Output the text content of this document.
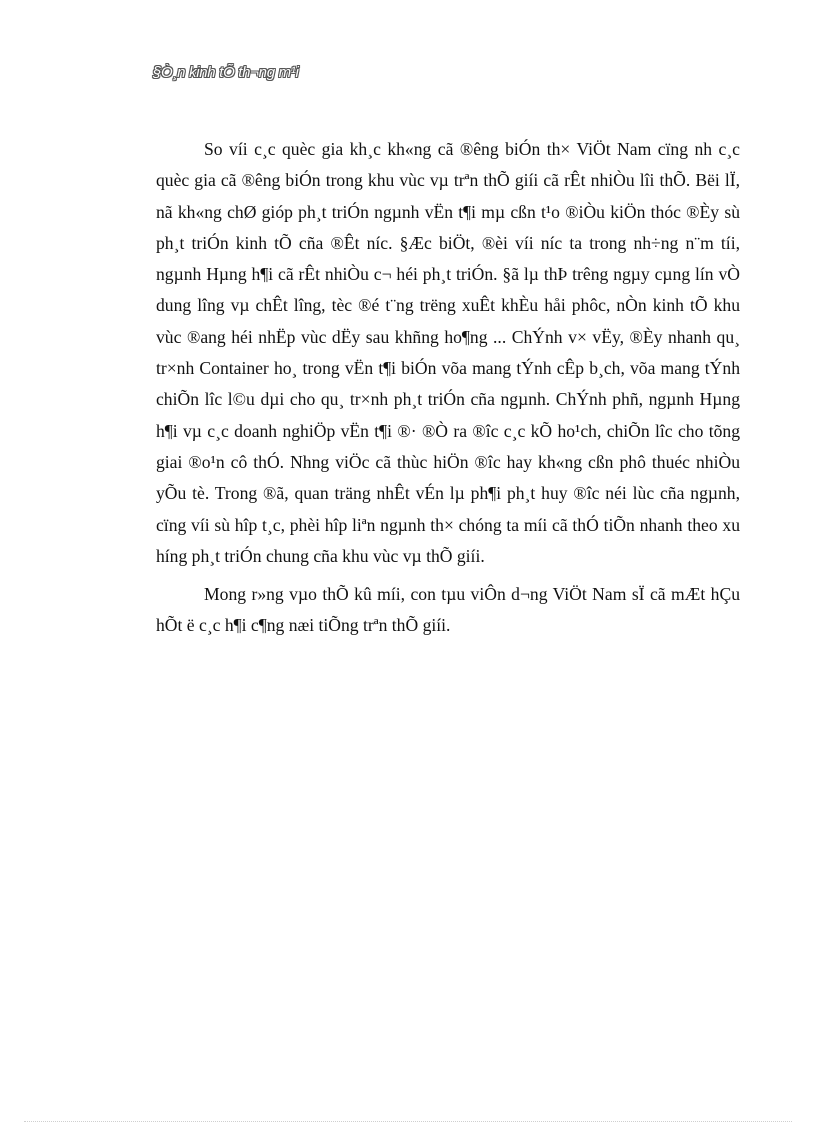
§Ò¸n kinh tÕ th¬ng m¹i

So víi c¸c quèc gia kh¸c kh«ng cã ®êng biÓn th× ViÖt Nam cïng nh c¸c quèc gia cã ®êng biÓn trong khu vùc vµ trªn thÕ giíi cã rÊt nhiÒu lîi thÕ. Bëi lÏ, nã kh«ng chØ gióp ph¸t triÓn ngµnh vËn t¶i mµ cßn t¹o ®iÒu kiÖn thóc ®Èy sù ph¸t triÓn kinh tÕ cña ®Êt níc. §Æc biÖt, ®èi víi níc ta trong nh÷ng n¨m tíi, ngµnh Hµng h¶i cã rÊt nhiÒu c¬ héi ph¸t triÓn. §ã lµ thÞ trêng ngµy cµng lín vÒ dung lîng vµ chÊt lîng, tèc ®é t¨ng trëng xuÊt khÈu håi phôc, nÒn kinh tÕ khu vùc ®ang héi nhËp vùc dËy sau khñng ho¶ng ... ChÝnh v× vËy, ®Èy nhanh qu¸ tr×nh Container ho¸ trong vËn t¶i biÓn võa mang tÝnh cÊp b¸ch, võa mang tÝnh chiÕn lîc l©u dµi cho qu¸ tr×nh ph¸t triÓn cña ngµnh. ChÝnh phñ, ngµnh Hµng h¶i vµ c¸c doanh nghiÖp vËn t¶i ®· ®Ò ra ®îc c¸c kÕ ho¹ch, chiÕn lîc cho tõng giai ®o¹n cô thÓ. Nhng viÖc cã thùc hiÖn ®îc hay kh«ng cßn phô thuéc nhiÒu yÕu tè. Trong ®ã, quan träng nhÊt vÉn lµ ph¶i ph¸t huy ®îc néi lùc cña ngµnh, cïng víi sù hîp t¸c, phèi hîp liªn ngµnh th× chóng ta míi cã thÓ tiÕn nhanh theo xu híng ph¸t triÓn chung cña khu vùc vµ thÕ giíi.

Mong r»ng vµo thÕ kû míi, con tµu viÔn d¬ng ViÖt Nam sÏ cã mÆt hÇu hÕt ë c¸c h¶i c¶ng næi tiÕng trªn thÕ giíi.
